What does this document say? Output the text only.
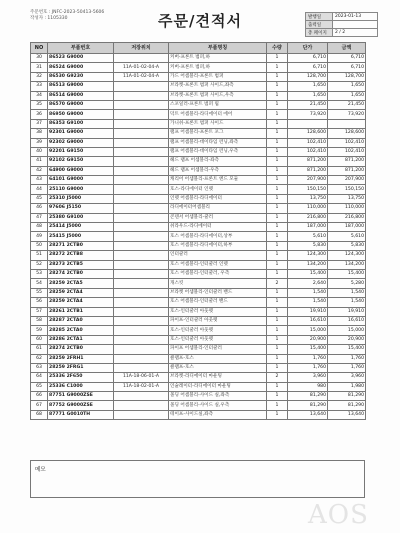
주문번호 : JNFC-2023-50413-5606
작성자 : 1105330	주문/견적서	발행일	2023-01-13
출력일	
총 페이지	2 / 2
NO	부품번호	저장위치	부품명칭	수량	단가	금액
30	86523 G9000		커버-프론트 범퍼,하	1	6,710	6,710
31	86524 G9000	11A-01-02-04-A	커버-프론트 범퍼,하	1	6,710	6,710
32	86530 G9230	11A-01-02-04-A	가드 어셈블리-프론트 범퍼	1	128,700	128,700
33	86513 G9000		브라켓-프론트 범퍼 사이드,좌측	1	1,650	1,650
34	86514 G9000		브라켓-프론트 범퍼 사이드,우측	1	1,650	1,650
35	86570 G9000		스포일러-프론트 범퍼 립	1	21,450	21,450
36	86950 G9000		덕트 어셈블리-라디에이터 에어	1	73,920	73,920
37	86353 G9100		가니쉬-프론트 범퍼 사이드	1		
38	92301 G9000		램프 어셈블리-프론트 포그	1	128,600	128,600
39	92302 G9000		램프 어셈블리-데이타임 런닝,좌측	1	102,410	102,410
40	92201 G9150		램프 어셈블리-데이타임 런닝,우측	1	102,410	102,410
41	92102 G9150		헤드 램프 어셈블리-좌측	1	871,200	871,200
42	64900 G9000		헤드 램프 어셈블리-우측	1	871,200	871,200
43	64101 G9000		캐리어 어셈블리-프론트 엔드 모듈	1	207,900	207,900
44	25110 G9000		호스-라디에이터 인렛	1	150,150	150,150
45	25310 J5000		인렛 어셈블리-라디에이터	1	13,750	13,750
46	97606 J5150		라디에이터어셈블리	1	110,000	110,000
47	25380 G9100		콘덴서 어셈블리-쿨러	1	216,800	216,800
48	25414 J5000		쉬라우드-라디에이터	1	187,000	187,000
49	25415 J5000		호스 어셈블리-라디에이터,상부	1	5,610	5,610
50	28271 2CTB0		호스 어셈블리-라디에이터,하부	1	5,830	5,830
51	28272 2CTB8		인터쿨러	1	124,300	124,300
52	28273 2CTB5		호스 어셈블리-인터쿨러 인렛	1	134,200	134,200
53	28274 2CTB0		호스 어셈블리-인터쿨러, 우측	1	15,400	15,400
54	28259 2CTA5		개스킷	2	2,640	5,280
55	28259 2CTA4		브라켓 어셈블리-인터쿨러 밴드	1	1,540	1,540
56	28259 2CTA4		호스 어셈블리-인터쿨러 밴드	1	1,540	1,540
57	28261 2CTB1		호스-인터쿨러 아웃렛	1	19,910	19,910
58	28287 2CTA0		파이프-인터쿨러 아웃렛	1	16,610	16,610
59	28285 2CTA0		호스-인터쿨러 아웃렛	1	15,000	15,000
60	28286 2CTA1		호스-인터쿨러 아웃렛	1	20,900	20,900
61	28274 2CTB0		파이프 어셈블리-인터쿨러	1	15,400	15,400
62	28259 2FRH1		클램프-호스	1	1,760	1,760
63	28259 2FRG1		클램프-호스	1	1,760	1,760
64	25336 2F650	11A-18-06-01-A	브라켓-라디에이터 마운팅	2	3,960	3,960
65	25336 C1000	11A-18-02-01-A	인슐레이터-라디에이터 마운팅	1	980	1,980
66	87751 G9000ZSE		몰딩 어셈블리-사이드 실,좌측	1	81,290	81,290
67	87752 G9000ZSE		몰딩 어셈블리-사이드 실,우측	1	81,290	81,290
68	87771 G0010TH		테이프-사이드실,좌측	1	13,640	13,640
메모
AOS
